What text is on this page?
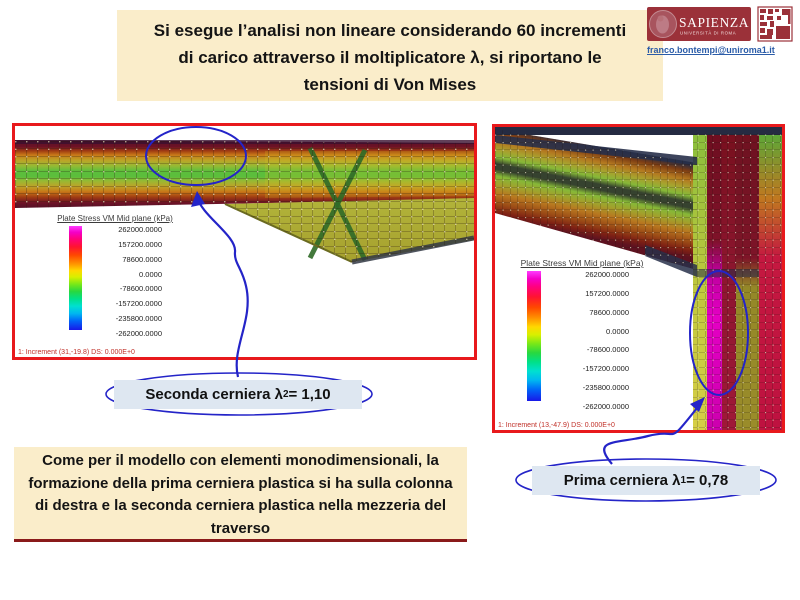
Si esegue l’analisi non lineare considerando 60 incrementi
di carico attraverso il moltiplicatore λ, si riportano le
tensioni di Von Mises
SAPIENZA
UNIVERSITÀ DI ROMA
franco.bontempi@uniroma1.it
Plate Stress VM Mid plane (kPa)
262000.0000
157200.0000
78600.0000
0.0000
-78600.0000
-157200.0000
-235800.0000
-262000.0000
1: Increment (31,-19.8) DS: 0.000E+0
Plate Stress VM Mid plane (kPa)
262000.0000
157200.0000
78600.0000
0.0000
-78600.0000
-157200.0000
-235800.0000
-262000.0000
1: Increment (13,-47.9) DS: 0.000E+0
Seconda cerniera λ 2 = 1,10
Prima cerniera λ 1 = 0,78
Come per il modello con elementi monodimensionali, la formazione della prima cerniera plastica si ha sulla colonna di destra e la seconda cerniera plastica nella mezzeria del traverso
